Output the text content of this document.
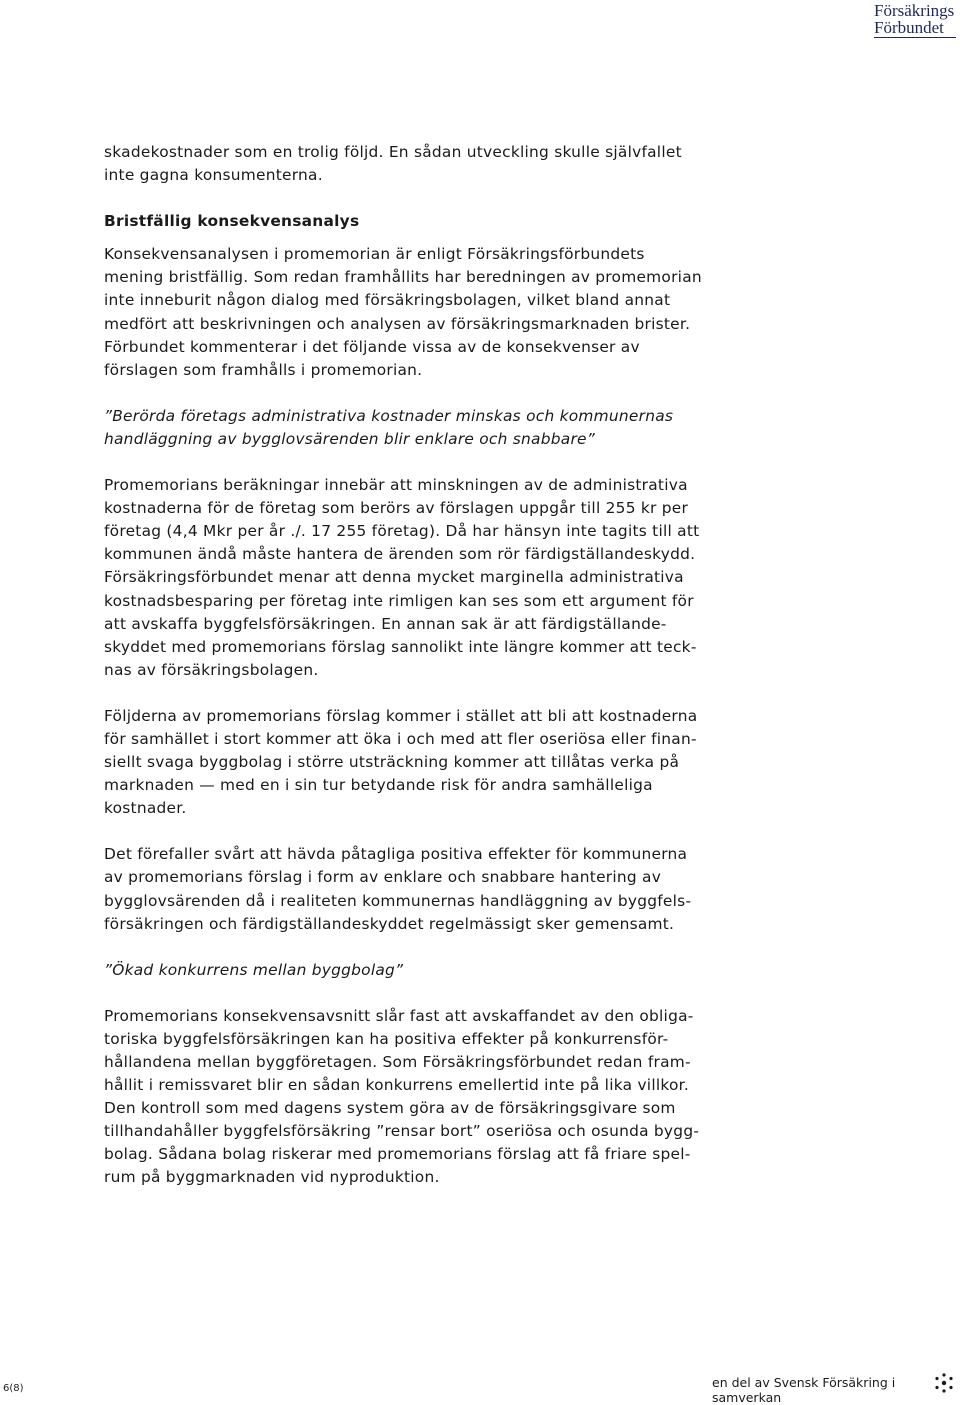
Försäkrings
Förbundet

skadekostnader som en trolig följd. En sådan utveckling skulle självfallet
inte gagna konsumenterna.

Bristfällig konsekvensanalys

Konsekvensanalysen i promemorian är enligt Försäkringsförbundets
mening bristfällig. Som redan framhållits har beredningen av promemorian
inte inneburit någon dialog med försäkringsbolagen, vilket bland annat
medfört att beskrivningen och analysen av försäkringsmarknaden brister.
Förbundet kommenterar i det följande vissa av de konsekvenser av
förslagen som framhålls i promemorian.

”Berörda företags administrativa kostnader minskas och kommunernas
handläggning av bygglovsärenden blir enklare och snabbare”

Promemorians beräkningar innebär att minskningen av de administrativa
kostnaderna för de företag som berörs av förslagen uppgår till 255 kr per
företag (4,4 Mkr per år ./. 17 255 företag). Då har hänsyn inte tagits till att
kommunen ändå måste hantera de ärenden som rör färdigställandeskydd.
Försäkringsförbundet menar att denna mycket marginella administrativa
kostnadsbesparing per företag inte rimligen kan ses som ett argument för
att avskaffa byggfelsförsäkringen. En annan sak är att färdigställande-
skyddet med promemorians förslag sannolikt inte längre kommer att teck-
nas av försäkringsbolagen.

Följderna av promemorians förslag kommer i stället att bli att kostnaderna
för samhället i stort kommer att öka i och med att fler oseriösa eller finan-
siellt svaga byggbolag i större utsträckning kommer att tillåtas verka på
marknaden — med en i sin tur betydande risk för andra samhälleliga
kostnader.

Det förefaller svårt att hävda påtagliga positiva effekter för kommunerna
av promemorians förslag i form av enklare och snabbare hantering av
bygglovsärenden då i realiteten kommunernas handläggning av byggfels-
försäkringen och färdigställandeskyddet regelmässigt sker gemensamt.

”Ökad konkurrens mellan byggbolag”

Promemorians konsekvensavsnitt slår fast att avskaffandet av den obliga-
toriska byggfelsförsäkringen kan ha positiva effekter på konkurrensför-
hållandena mellan byggföretagen. Som Försäkringsförbundet redan fram-
hållit i remissvaret blir en sådan konkurrens emellertid inte på lika villkor.
Den kontroll som med dagens system göra av de försäkringsgivare som
tillhandahåller byggfelsförsäkring ”rensar bort” oseriösa och osunda bygg-
bolag. Sådana bolag riskerar med promemorians förslag att få friare spel-
rum på byggmarknaden vid nyproduktion.

6(8)	en del av Svensk Försäkring i samverkan
